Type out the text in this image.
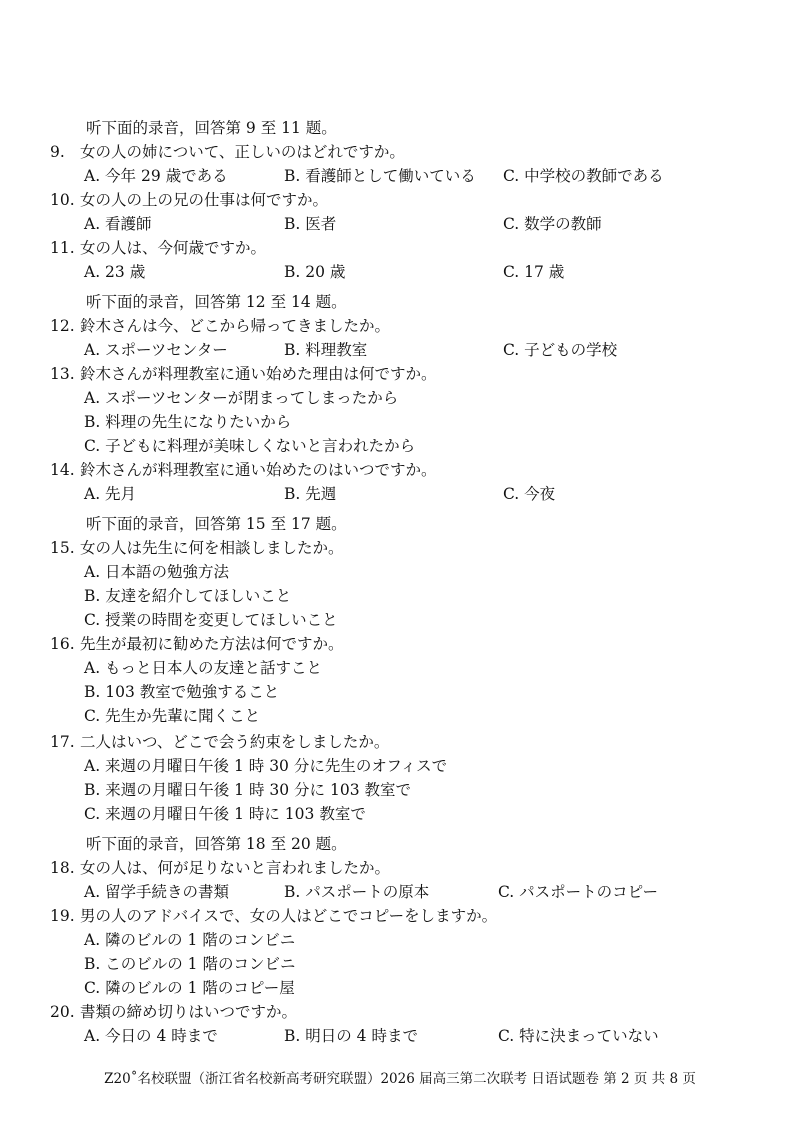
听下面的录音，回答第 9 至 11 题。
9. 女の人の姉について、正しいのはどれですか。
A. 今年 29 歳である	B. 看護師として働いている C. 中学校の教師である
10. 女の人の上の兄の仕事は何ですか。
A. 看護師	B. 医者	C. 数学の教師
11. 女の人は、今何歳ですか。
A. 23 歳	B. 20 歳	C. 17 歳
听下面的录音，回答第 12 至 14 题。
12. 鈴木さんは今、どこから帰ってきましたか。
A. スポーツセンター	B. 料理教室	C. 子どもの学校
13. 鈴木さんが料理教室に通い始めた理由は何ですか。
A. スポーツセンターが閉まってしまったから
B. 料理の先生になりたいから
C. 子どもに料理が美味しくないと言われたから
14. 鈴木さんが料理教室に通い始めたのはいつですか。
A. 先月	B. 先週	C. 今夜
听下面的录音，回答第 15 至 17 题。
15. 女の人は先生に何を相談しましたか。
A. 日本語の勉強方法
B. 友達を紹介してほしいこと
C. 授業の時間を変更してほしいこと
16. 先生が最初に勧めた方法は何ですか。
A. もっと日本人の友達と話すこと
B. 103 教室で勉強すること
C. 先生か先輩に聞くこと
17. 二人はいつ、どこで会う約束をしましたか。
A. 来週の月曜日午後 1 時 30 分に先生のオフィスで
B. 来週の月曜日午後 1 時 30 分に 103 教室で
C. 来週の月曜日午後 1 時に 103 教室で
听下面的录音，回答第 18 至 20 题。
18. 女の人は、何が足りないと言われましたか。
A. 留学手続きの書類	B. パスポートの原本	C. パスポートのコピー
19. 男の人のアドバイスで、女の人はどこでコピーをしますか。
A. 隣のビルの 1 階のコンビニ
B. このビルの 1 階のコンビニ
C. 隣のビルの 1 階のコピー屋
20. 書類の締め切りはいつですか。
A. 今日の 4 時まで	B. 明日の 4 時まで	C. 特に決まっていない
Z20˚名校联盟（浙江省名校新高考研究联盟）2026 届高三第二次联考 日语试题卷 第 2 页 共 8 页
